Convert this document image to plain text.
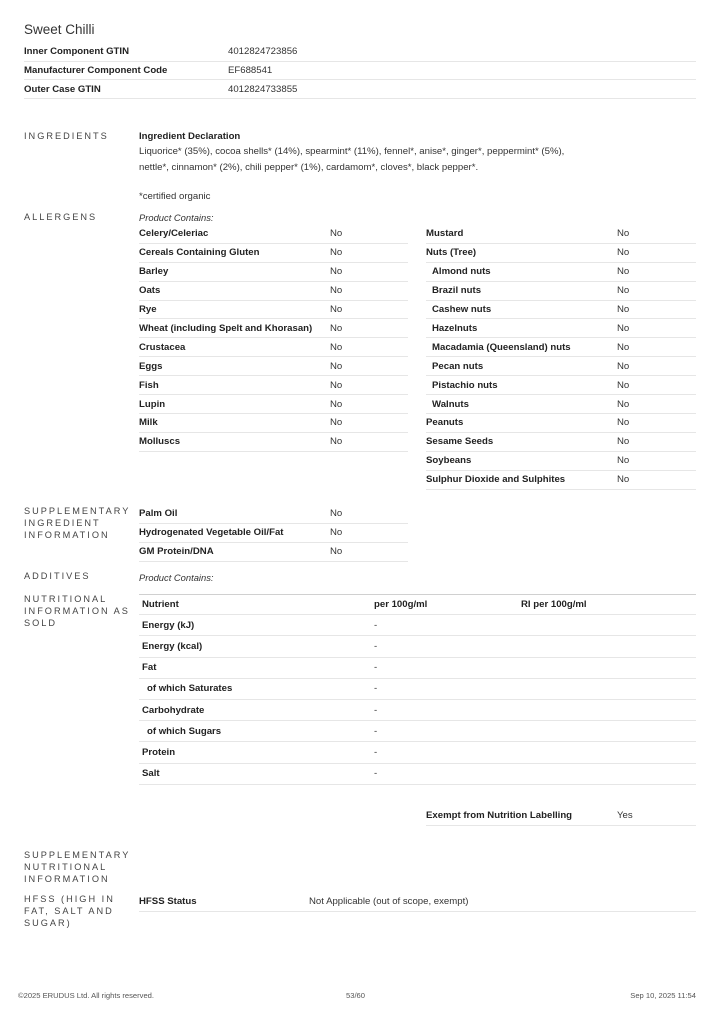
Sweet Chilli
Inner Component GTIN	4012824723856
Manufacturer Component Code	EF688541
Outer Case GTIN	4012824733855
INGREDIENTS
ALLERGENS
SUPPLEMENTARY
INGREDIENT
INFORMATION
ADDITIVES
NUTRITIONAL
INFORMATION AS
SOLD
SUPPLEMENTARY
NUTRITIONAL
INFORMATION
HFSS (HIGH IN
FAT, SALT AND
SUGAR)
Ingredient Declaration
Liquorice* (35%), cocoa shells* (14%), spearmint* (11%), fennel*, anise*, ginger*, peppermint* (5%),
nettle*, cinnamon* (2%), chili pepper* (1%), cardamom*, cloves*, black pepper*.
*certified organic
Product Contains:
Celery/Celeriac	No
Cereals Containing Gluten	No
Barley	No
Oats	No
Rye	No
Wheat (including Spelt and Khorasan)	No
Crustacea	No
Eggs	No
Fish	No
Lupin	No
Milk	No
Molluscs	No
Mustard	No
Nuts (Tree)	No
Almond nuts	No
Brazil nuts	No
Cashew nuts	No
Hazelnuts	No
Macadamia (Queensland) nuts	No
Pecan nuts	No
Pistachio nuts	No
Walnuts	No
Peanuts	No
Sesame Seeds	No
Soybeans	No
Sulphur Dioxide and Sulphites	No
Palm Oil	No
Hydrogenated Vegetable Oil/Fat	No
GM Protein/DNA	No
Product Contains:
Nutrient	per 100g/ml	RI per 100g/ml
Energy (kJ)	-
Energy (kcal)	-
Fat	-
of which Saturates	-
Carbohydrate	-
of which Sugars	-
Protein	-
Salt	-
Exempt from Nutrition Labelling	Yes
HFSS Status	Not Applicable (out of scope, exempt)
©2025 ERUDUS Ltd. All rights reserved.	53/60	Sep 10, 2025 11:54
